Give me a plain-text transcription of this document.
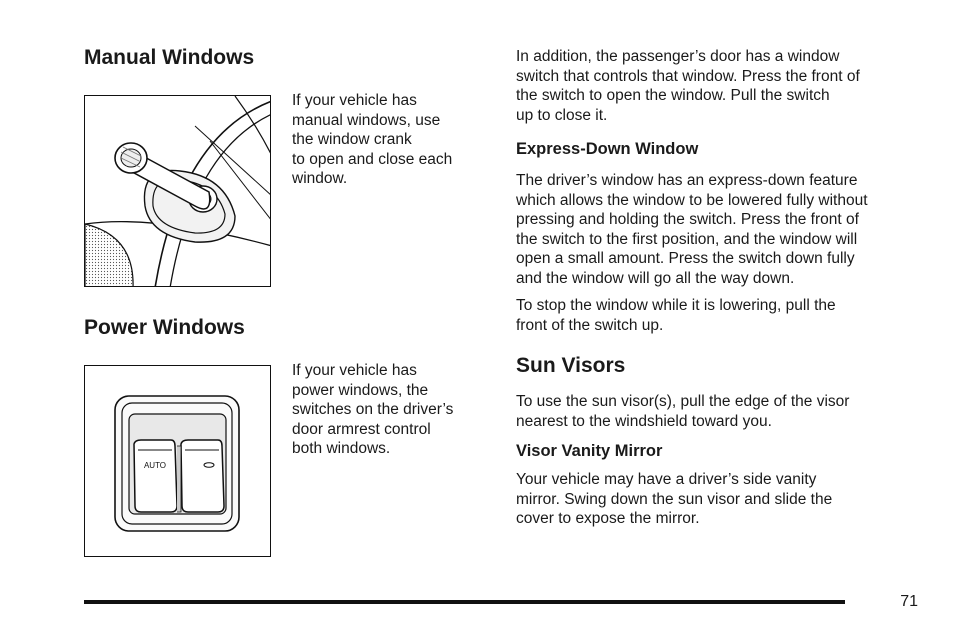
Manual Windows

If your vehicle has
manual windows, use
the window crank
to open and close each
window.

Power Windows
AUTO

If your vehicle has
power windows, the
switches on the driver’s
door armrest control
both windows.

In addition, the passenger’s door has a window
switch that controls that window. Press the front of
the switch to open the window. Pull the switch
up to close it.

Express-Down Window

The driver’s window has an express-down feature
which allows the window to be lowered fully without
pressing and holding the switch. Press the front of
the switch to the first position, and the window will
open a small amount. Press the switch down fully
and the window will go all the way down.

To stop the window while it is lowering, pull the
front of the switch up.

Sun Visors

To use the sun visor(s), pull the edge of the visor
nearest to the windshield toward you.

Visor Vanity Mirror

Your vehicle may have a driver’s side vanity
mirror. Swing down the sun visor and slide the
cover to expose the mirror.

71
